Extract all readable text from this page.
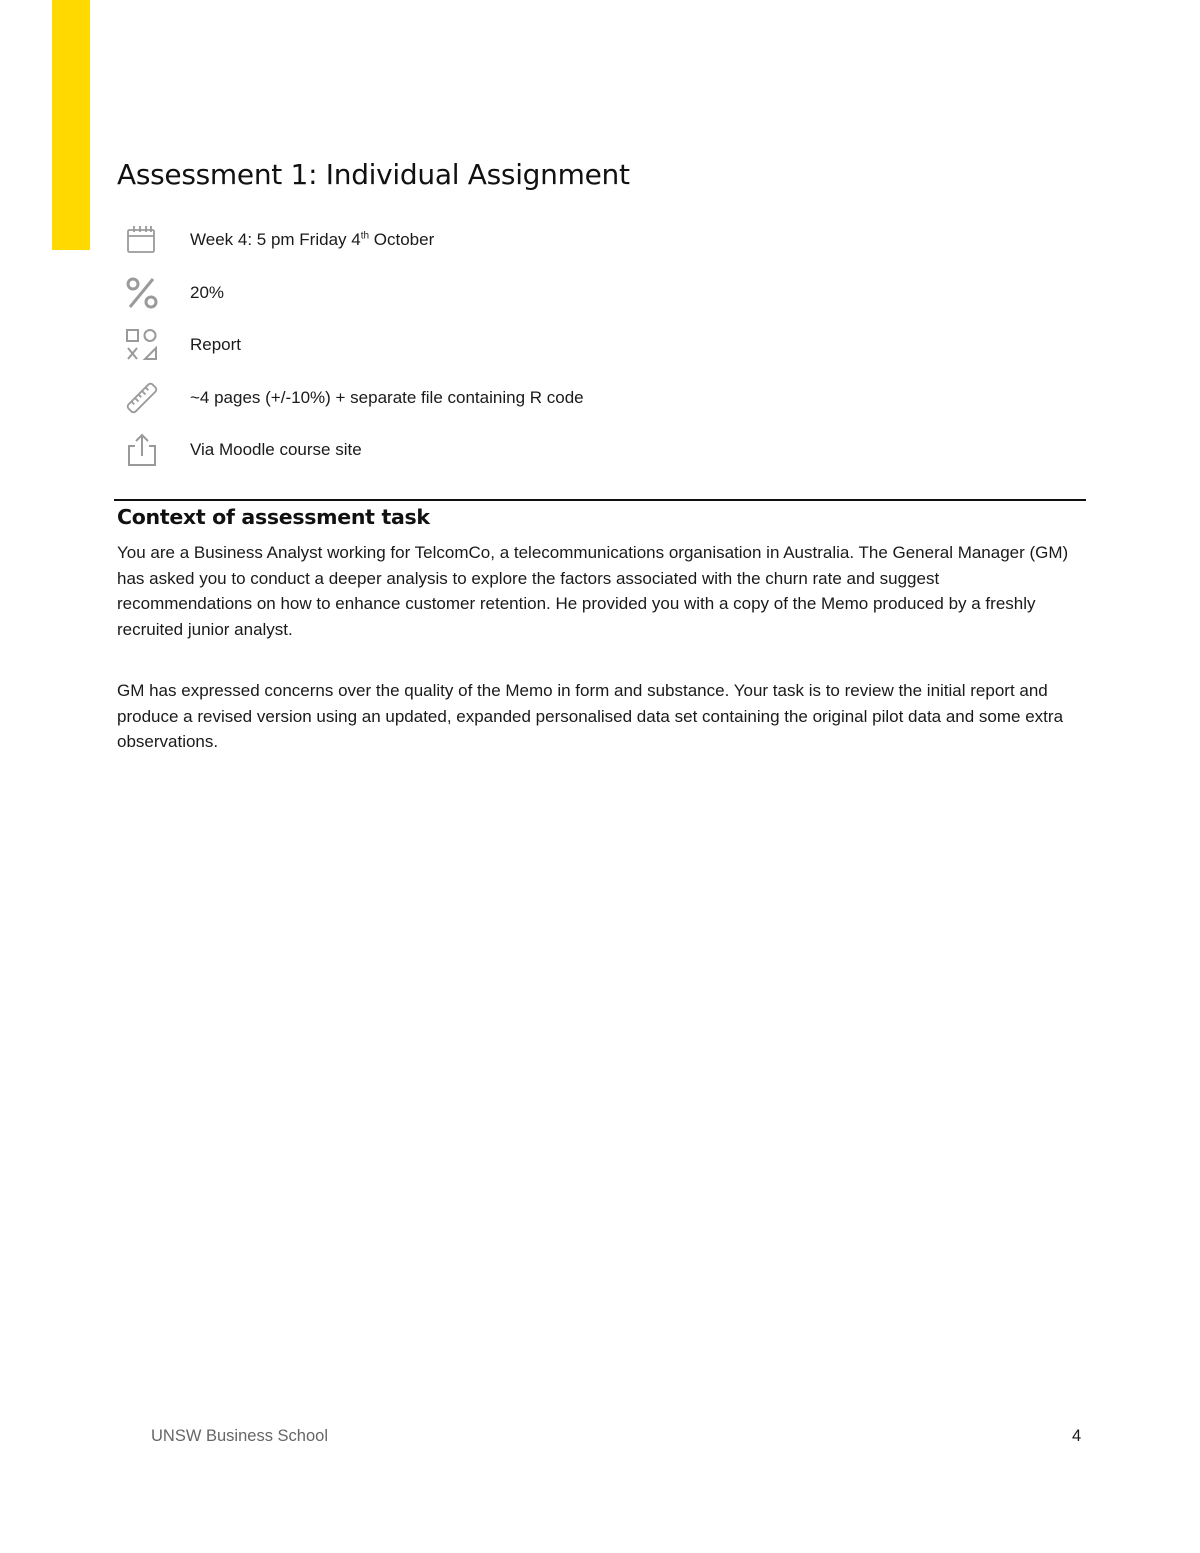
Assessment 1: Individual Assignment
Week 4: 5 pm Friday 4th October
20%
Report
~4 pages (+/-10%) + separate file containing R code
Via Moodle course site
Context of assessment task

You are a Business Analyst working for TelcomCo, a telecommunications organisation in Australia. The General Manager (GM) has asked you to conduct a deeper analysis to explore the factors associated with the churn rate and suggest recommendations on how to enhance customer retention. He provided you with a copy of the Memo produced by a freshly recruited junior analyst.

GM has expressed concerns over the quality of the Memo in form and substance. Your task is to review the initial report and produce a revised version using an updated, expanded personalised data set containing the original pilot data and some extra observations.

UNSW Business School	4
